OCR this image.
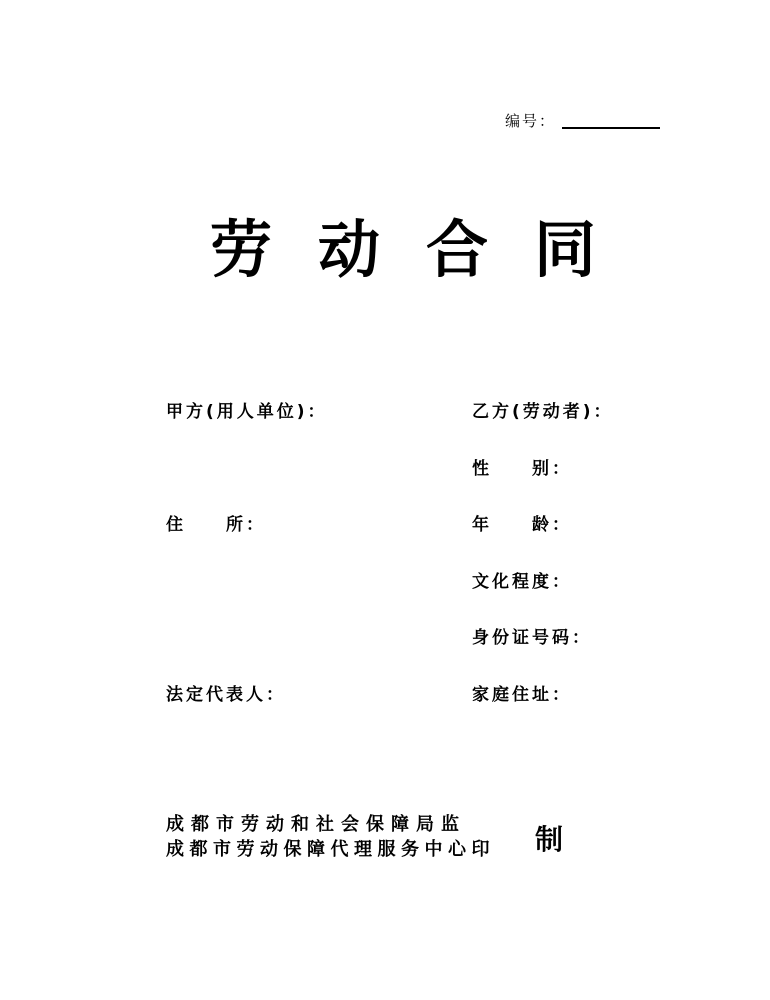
编号：
劳 动 合 同
甲方(用人单位)：
住 所：
法定代表人：
乙方(劳动者)：
性 别：
年 龄：
文化程度：
身份证号码：
家庭住址：
成都市劳动和社会保障局监
成都市劳动保障代理服务中心印 制
